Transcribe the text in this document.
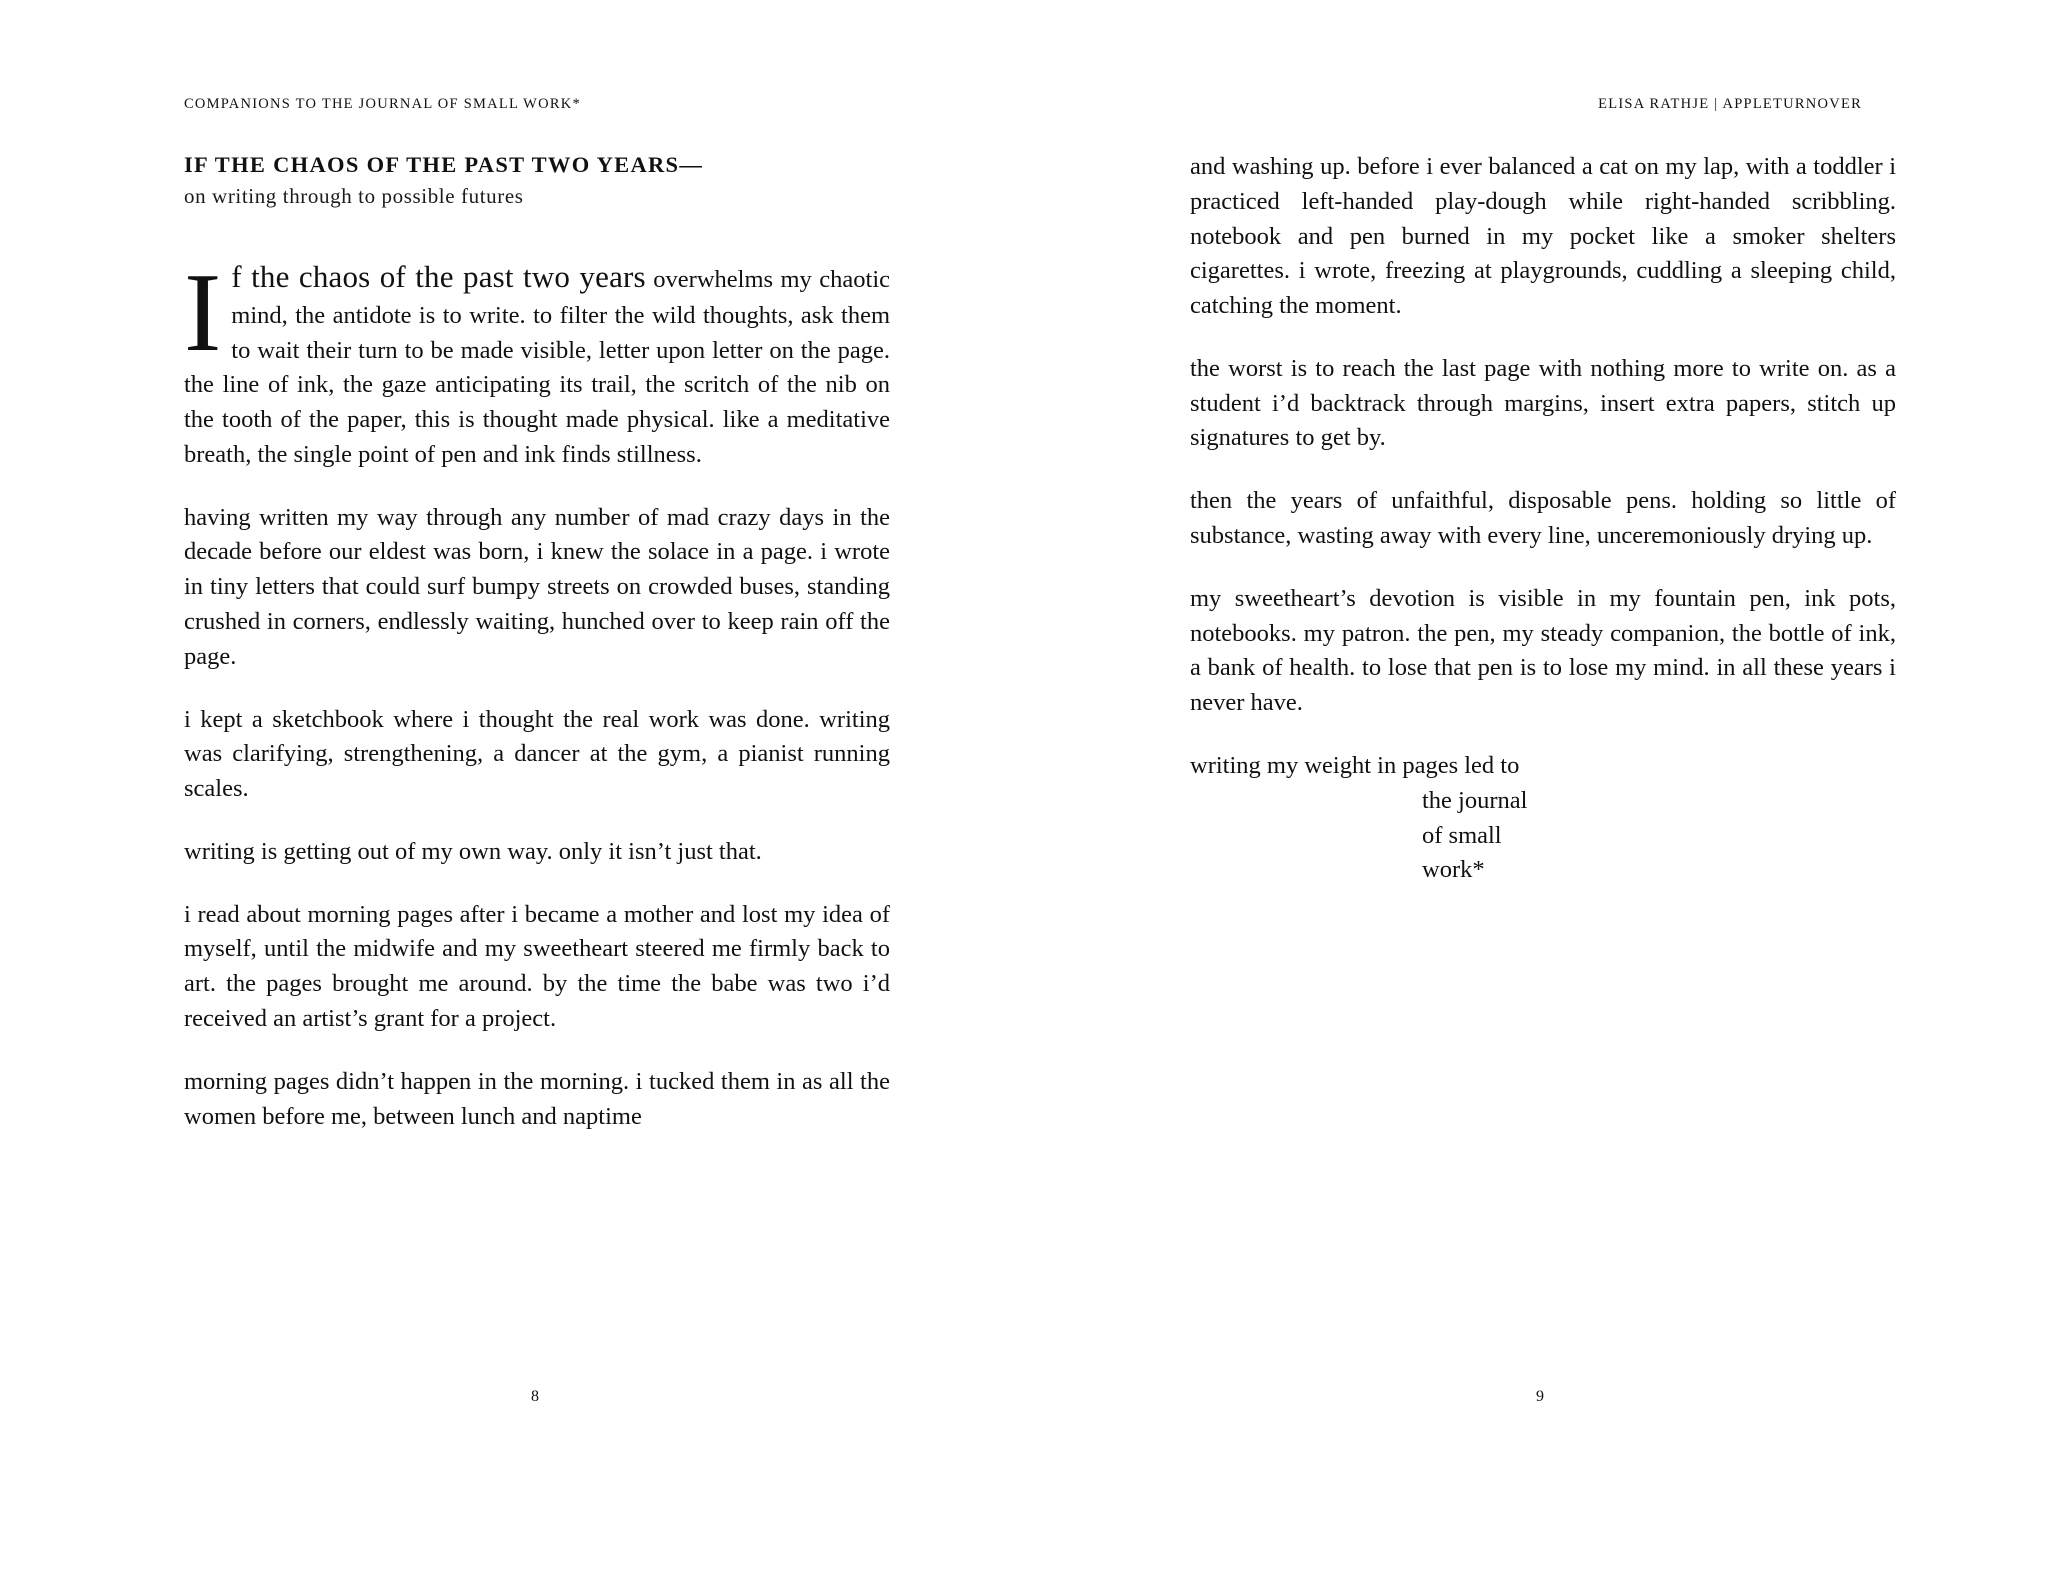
COMPANIONS TO THE JOURNAL OF SMALL WORK*	ELISA RATHJE | APPLETURNOVER
IF THE CHAOS OF THE PAST TWO YEARS—

on writing through to possible futures

If the chaos of the past two years overwhelms my chaotic mind, the antidote is to write. to filter the wild thoughts, ask them to wait their turn to be made visible, letter upon letter on the page. the line of ink, the gaze anticipating its trail, the scritch of the nib on the tooth of the paper, this is thought made physical. like a meditative breath, the single point of pen and ink finds stillness.

having written my way through any number of mad crazy days in the decade before our eldest was born, i knew the solace in a page. i wrote in tiny letters that could surf bumpy streets on crowded buses, standing crushed in corners, endlessly waiting, hunched over to keep rain off the page.

i kept a sketchbook where i thought the real work was done. writing was clarifying, strengthening, a dancer at the gym, a pianist running scales.

writing is getting out of my own way. only it isn’t just that.

i read about morning pages after i became a mother and lost my idea of myself, until the midwife and my sweetheart steered me firmly back to art. the pages brought me around. by the time the babe was two i’d received an artist’s grant for a project.

morning pages didn’t happen in the morning. i tucked them in as all the women before me, between lunch and naptime

and washing up. before i ever balanced a cat on my lap, with a toddler i practiced left-handed play-dough while right-handed scribbling. notebook and pen burned in my pocket like a smoker shelters cigarettes. i wrote, freezing at playgrounds, cuddling a sleeping child, catching the moment.

the worst is to reach the last page with nothing more to write on. as a student i’d backtrack through margins, insert extra papers, stitch up signatures to get by.

then the years of unfaithful, disposable pens. holding so little of substance, wasting away with every line, unceremoniously drying up.

my sweetheart’s devotion is visible in my fountain pen, ink pots, notebooks. my patron. the pen, my steady companion, the bottle of ink, a bank of health. to lose that pen is to lose my mind. in all these years i never have.

writing my weight in pages led to
the journal
of small
work*
8	9
